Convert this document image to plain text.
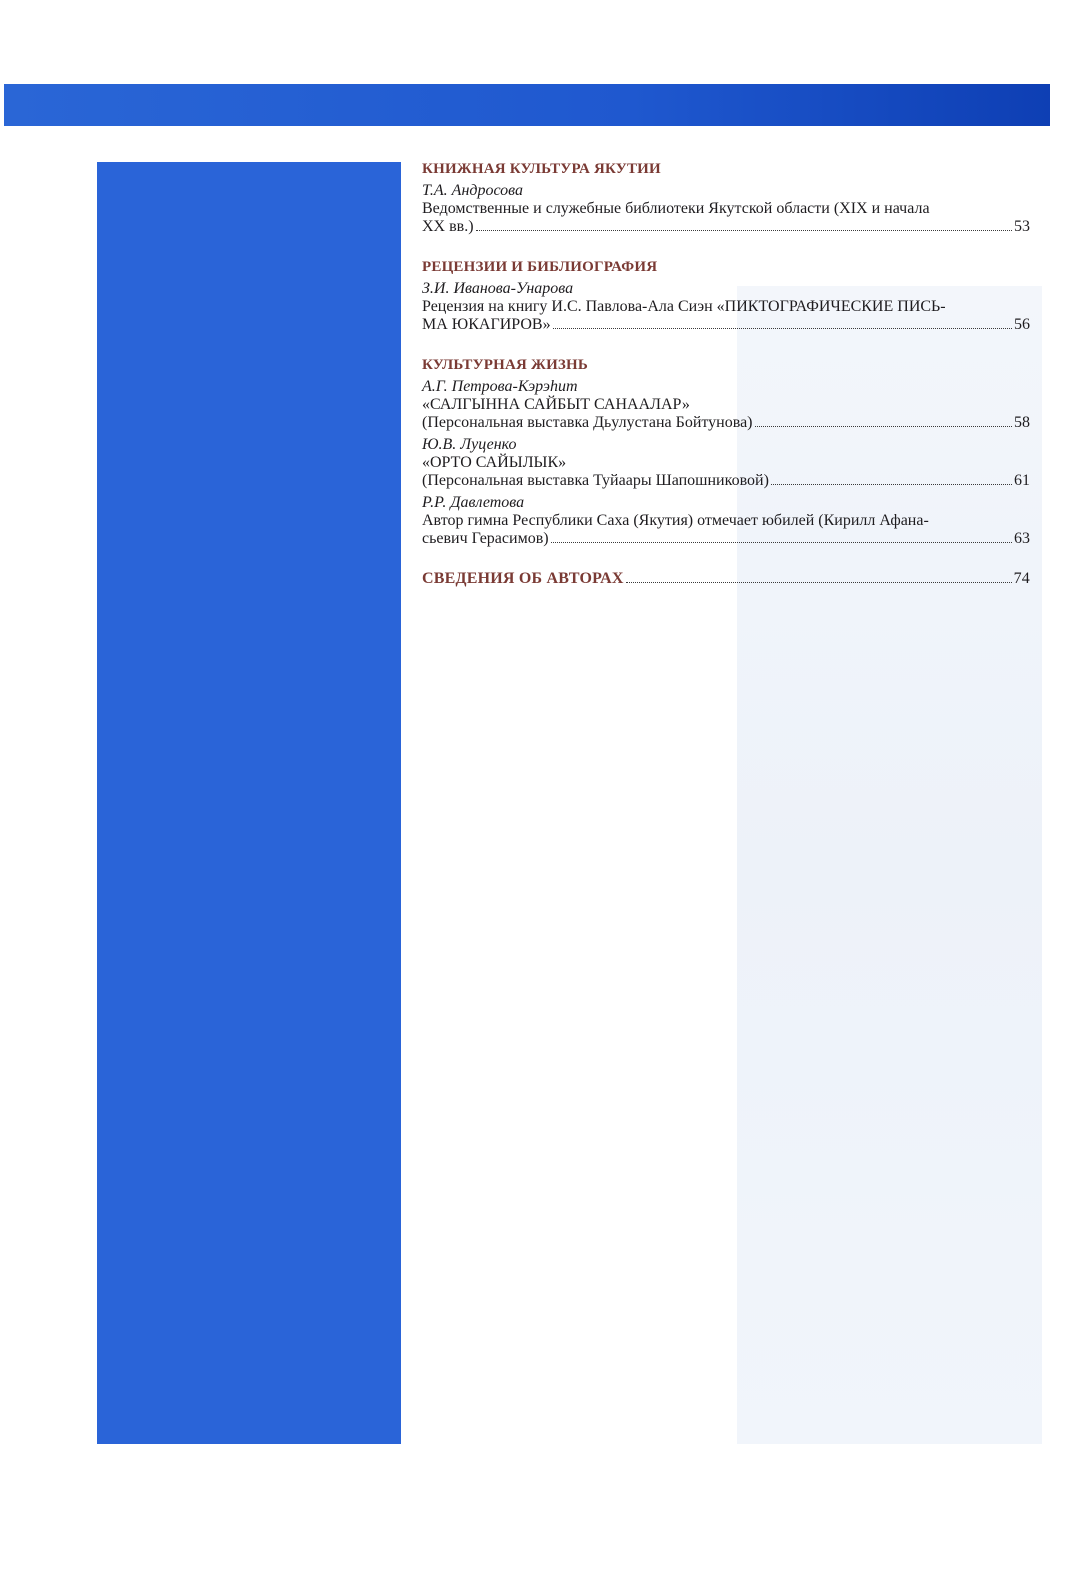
КНИЖНАЯ КУЛЬТУРА ЯКУТИИ
Т.А. Андросова
Ведомственные и служебные библиотеки Якутской области (XIX и начала
ХХ вв.)	53
РЕЦЕНЗИИ И БИБЛИОГРАФИЯ
З.И. Иванова-Унарова
Рецензия на книгу И.С. Павлова-Ала Сиэн «ПИКТОГРАФИЧЕСКИЕ ПИСЬ-
МА ЮКАГИРОВ»	56
КУЛЬТУРНАЯ ЖИЗНЬ
А.Г. Петрова-Кэрэһит
«САЛГЫННА САЙБЫТ САНААЛАР»
(Персональная выставка Дьулустана Бойтунова)	58
Ю.В. Луценко
«ОРТО САЙЫЛЫК»
(Персональная выставка Туйаары Шапошниковой)	61
Р.Р. Давлетова
Автор гимна Республики Саха (Якутия) отмечает юбилей (Кирилл Афана-
сьевич Герасимов)	63
СВЕДЕНИЯ ОБ АВТОРАХ	74
